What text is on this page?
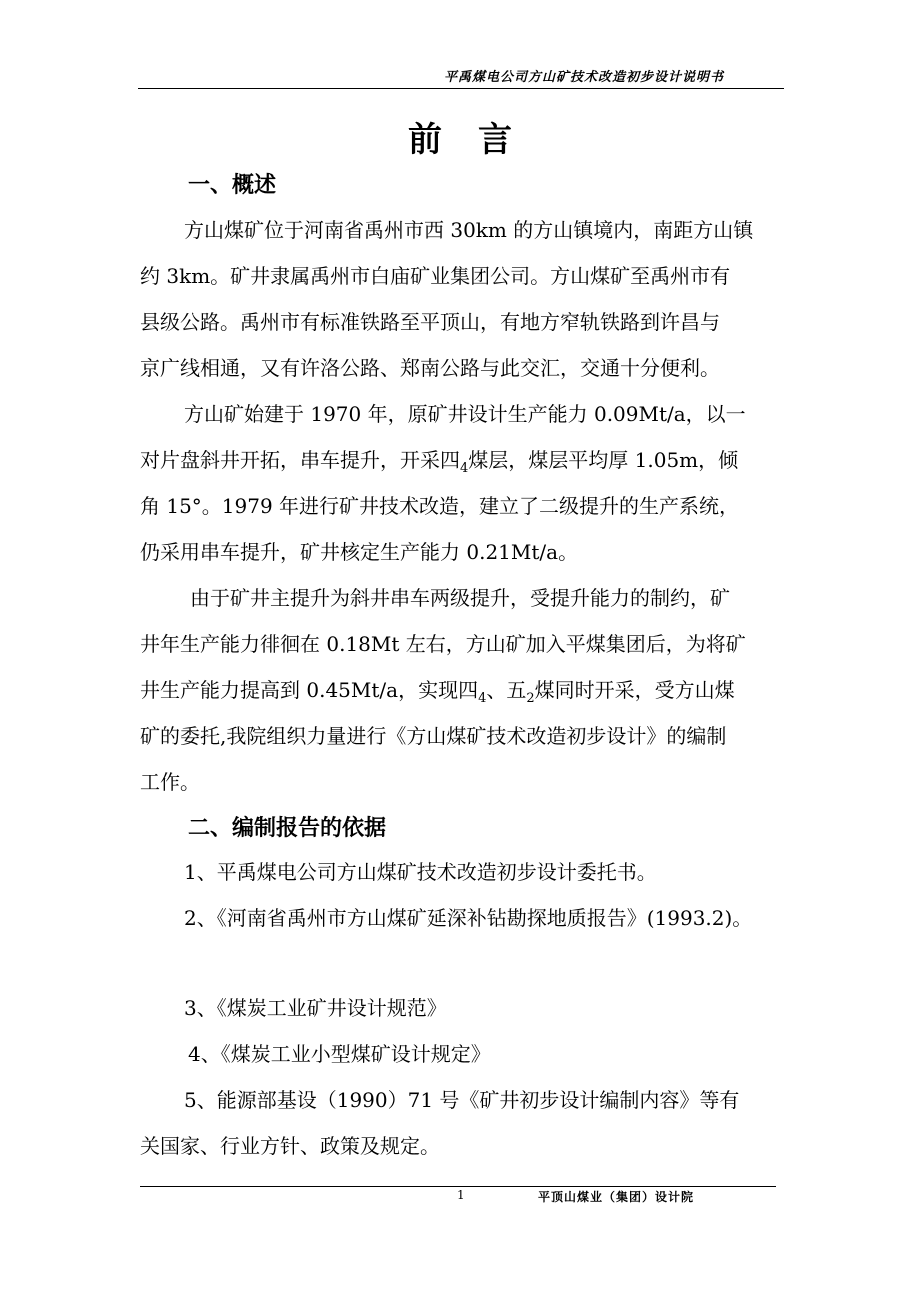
平禹煤电公司方山矿技术改造初步设计说明书
前言
一、概述
方山煤矿位于河南省禹州市西 30km 的方山镇境内，南距方山镇
约 3km。矿井隶属禹州市白庙矿业集团公司。方山煤矿至禹州市有
县级公路。禹州市有标准铁路至平顶山，有地方窄轨铁路到许昌与
京广线相通，又有许洛公路、郑南公路与此交汇，交通十分便利。
方山矿始建于 1970 年，原矿井设计生产能力 0.09Mt/a，以一
对片盘斜井开拓，串车提升，开采四$_4$煤层，煤层平均厚 1.05m，倾
角 15°。1979 年进行矿井技术改造，建立了二级提升的生产系统，
仍采用串车提升，矿井核定生产能力 0.21Mt/a。
由于矿井主提升为斜井串车两级提升，受提升能力的制约，矿
井年生产能力徘徊在 0.18Mt 左右，方山矿加入平煤集团后，为将矿
井生产能力提高到 0.45Mt/a，实现四$_4$、五$_2$煤同时开采，受方山煤
矿的委托,我院组织力量进行《方山煤矿技术改造初步设计》的编制
工作。
二、编制报告的依据
1、平禹煤电公司方山煤矿技术改造初步设计委托书。
2、《河南省禹州市方山煤矿延深补钻勘探地质报告》(1993.2)。
3、《煤炭工业矿井设计规范》
4、《煤炭工业小型煤矿设计规定》
5、能源部基设（1990）71 号《矿井初步设计编制内容》等有
关国家、行业方针、政策及规定。
1	平顶山煤业（集团）设计院
